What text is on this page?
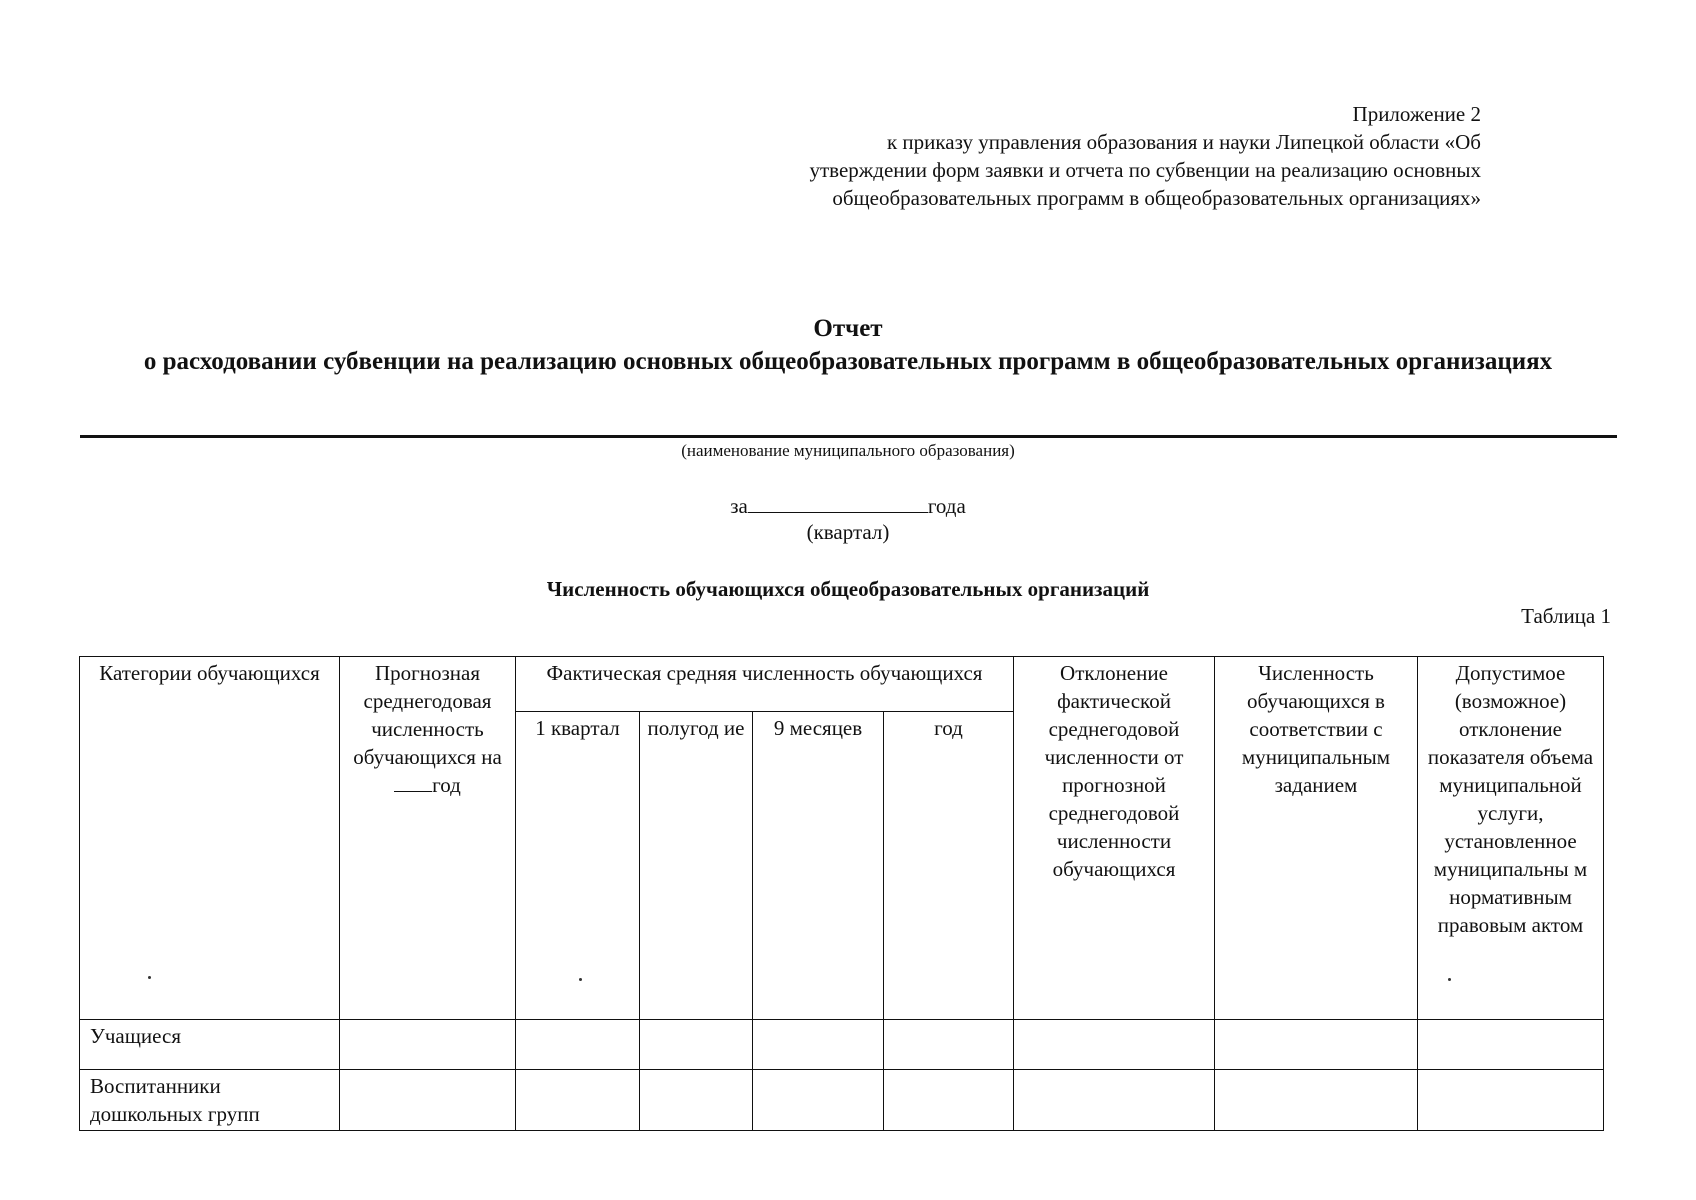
Приложение 2
к приказу управления образования и науки Липецкой области «Об
утверждении форм заявки и отчета по субвенции на реализацию основных
общеобразовательных программ в общеобразовательных организациях»
Отчет
о расходовании субвенции на реализацию основных общеобразовательных программ в общеобразовательных организациях
(наименование муниципального образования)
за	года
(квартал)
Численность обучающихся общеобразовательных организаций
Таблица 1
Категории обучающихся	Прогнозная среднегодовая численность обучающихся нагод	Фактическая средняя численность обучающихся				Отклонение фактической среднегодовой численности от прогнозной среднегодовой численности обучающихся	Численность обучающихся в соответствии с муниципальным заданием	Допустимое (возможное) отклонение показателя объема муниципальной услуги, установленное муниципальны м нормативным правовым актом
		1 квартал	полугод ие	9 месяцев	год			
Учащиеся								
Воспитанники дошкольных групп								
